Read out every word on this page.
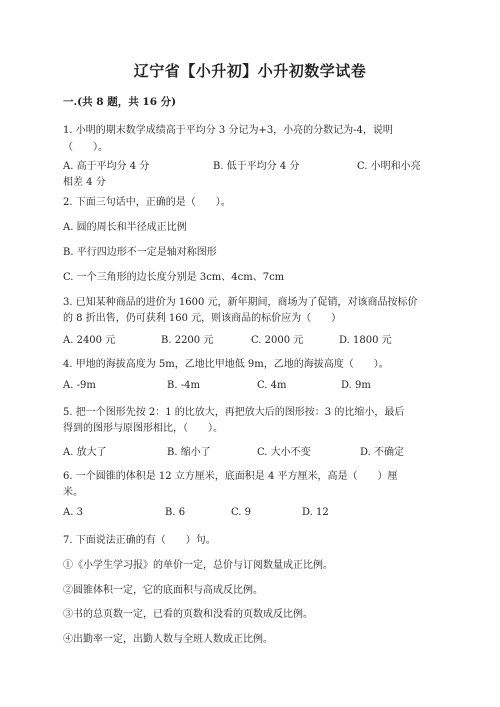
辽宁省【小升初】小升初数学试卷
一.(共 8 题，共 16 分)
1. 小明的期末数学成绩高于平均分 3 分记为+3，小亮的分数记为-4，说明
（　　）。
A. 高于平均分 4 分	B. 低于平均分 4 分	C. 小明和小亮
相差 4 分
2. 下面三句话中，正确的是（　　）。
A. 圆的周长和半径成正比例
B. 平行四边形不一定是轴对称图形
C. 一个三角形的边长度分别是 3cm、4cm、7cm
3. 已知某种商品的进价为 1600 元，新年期间，商场为了促销，对该商品按标价
的 8 折出售，仍可获利 160 元，则该商品的标价应为（　　）
A. 2400 元	B. 2200 元	C. 2000 元	D. 1800 元
4. 甲地的海拔高度为 5m，乙地比甲地低 9m，乙地的海拔高度（　　）。
A. -9m	B. -4m	C. 4m	D. 9m
5. 把一个图形先按 2：1 的比放大，再把放大后的图形按：3 的比缩小，最后
得到的图形与原图形相比，（　　）。
A. 放大了	B. 缩小了	C. 大小不变	D. 不确定
6. 一个圆锥的体积是 12 立方厘米，底面积是 4 平方厘米，高是（　　）厘
米。
A. 3	B. 6	C. 9	D. 12
7. 下面说法正确的有（　　）句。
①《小学生学习报》的单价一定，总价与订阅数量成正比例。
②圆锥体积一定，它的底面积与高成反比例。
③书的总页数一定，已看的页数和没看的页数成反比例。
④出勤率一定，出勤人数与全班人数成正比例。
